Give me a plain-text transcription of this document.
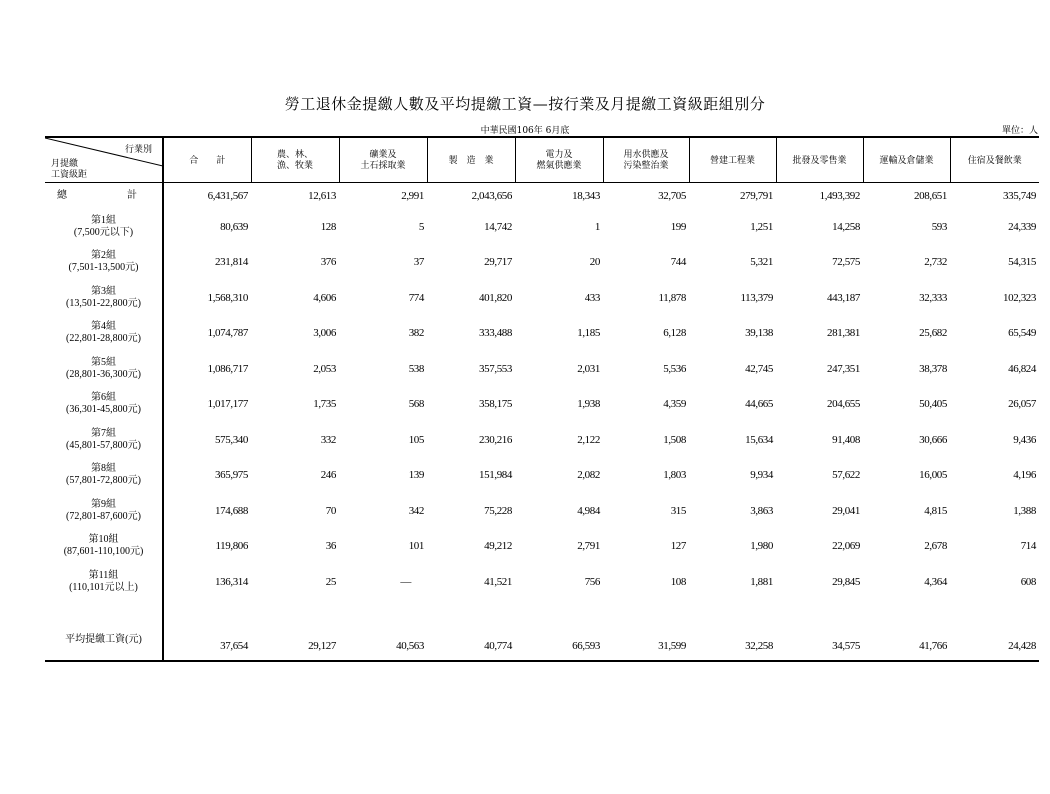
勞工退休金提繳人數及平均提繳工資—按行業及月提繳工資級距組別分
中華民國106年 6月底	單位：人
行業別
月提繳
工資級距	合　　計	農、林、
漁、牧業	礦業及
土石採取業	製　造　業	電力及
燃氣供應業	用水供應及
污染整治業	營建工程業	批發及零售業	運輸及倉儲業	住宿及餐飲業
總　　計	6,431,567	12,613	2,991	2,043,656	18,343	32,705	279,791	1,493,392	208,651	335,749
第1組
(7,500元以下)	80,639	128	5	14,742	1	199	1,251	14,258	593	24,339
第2組
(7,501-13,500元)	231,814	376	37	29,717	20	744	5,321	72,575	2,732	54,315
第3組
(13,501-22,800元)	1,568,310	4,606	774	401,820	433	11,878	113,379	443,187	32,333	102,323
第4組
(22,801-28,800元)	1,074,787	3,006	382	333,488	1,185	6,128	39,138	281,381	25,682	65,549
第5組
(28,801-36,300元)	1,086,717	2,053	538	357,553	2,031	5,536	42,745	247,351	38,378	46,824
第6組
(36,301-45,800元)	1,017,177	1,735	568	358,175	1,938	4,359	44,665	204,655	50,405	26,057
第7組
(45,801-57,800元)	575,340	332	105	230,216	2,122	1,508	15,634	91,408	30,666	9,436
第8組
(57,801-72,800元)	365,975	246	139	151,984	2,082	1,803	9,934	57,622	16,005	4,196
第9組
(72,801-87,600元)	174,688	70	342	75,228	4,984	315	3,863	29,041	4,815	1,388
第10組
(87,601-110,100元)	119,806	36	101	49,212	2,791	127	1,980	22,069	2,678	714
第11組
(110,101元以上)	136,314	25	—	41,521	756	108	1,881	29,845	4,364	608
平均提繳工資(元)	37,654	29,127	40,563	40,774	66,593	31,599	32,258	34,575	41,766	24,428
